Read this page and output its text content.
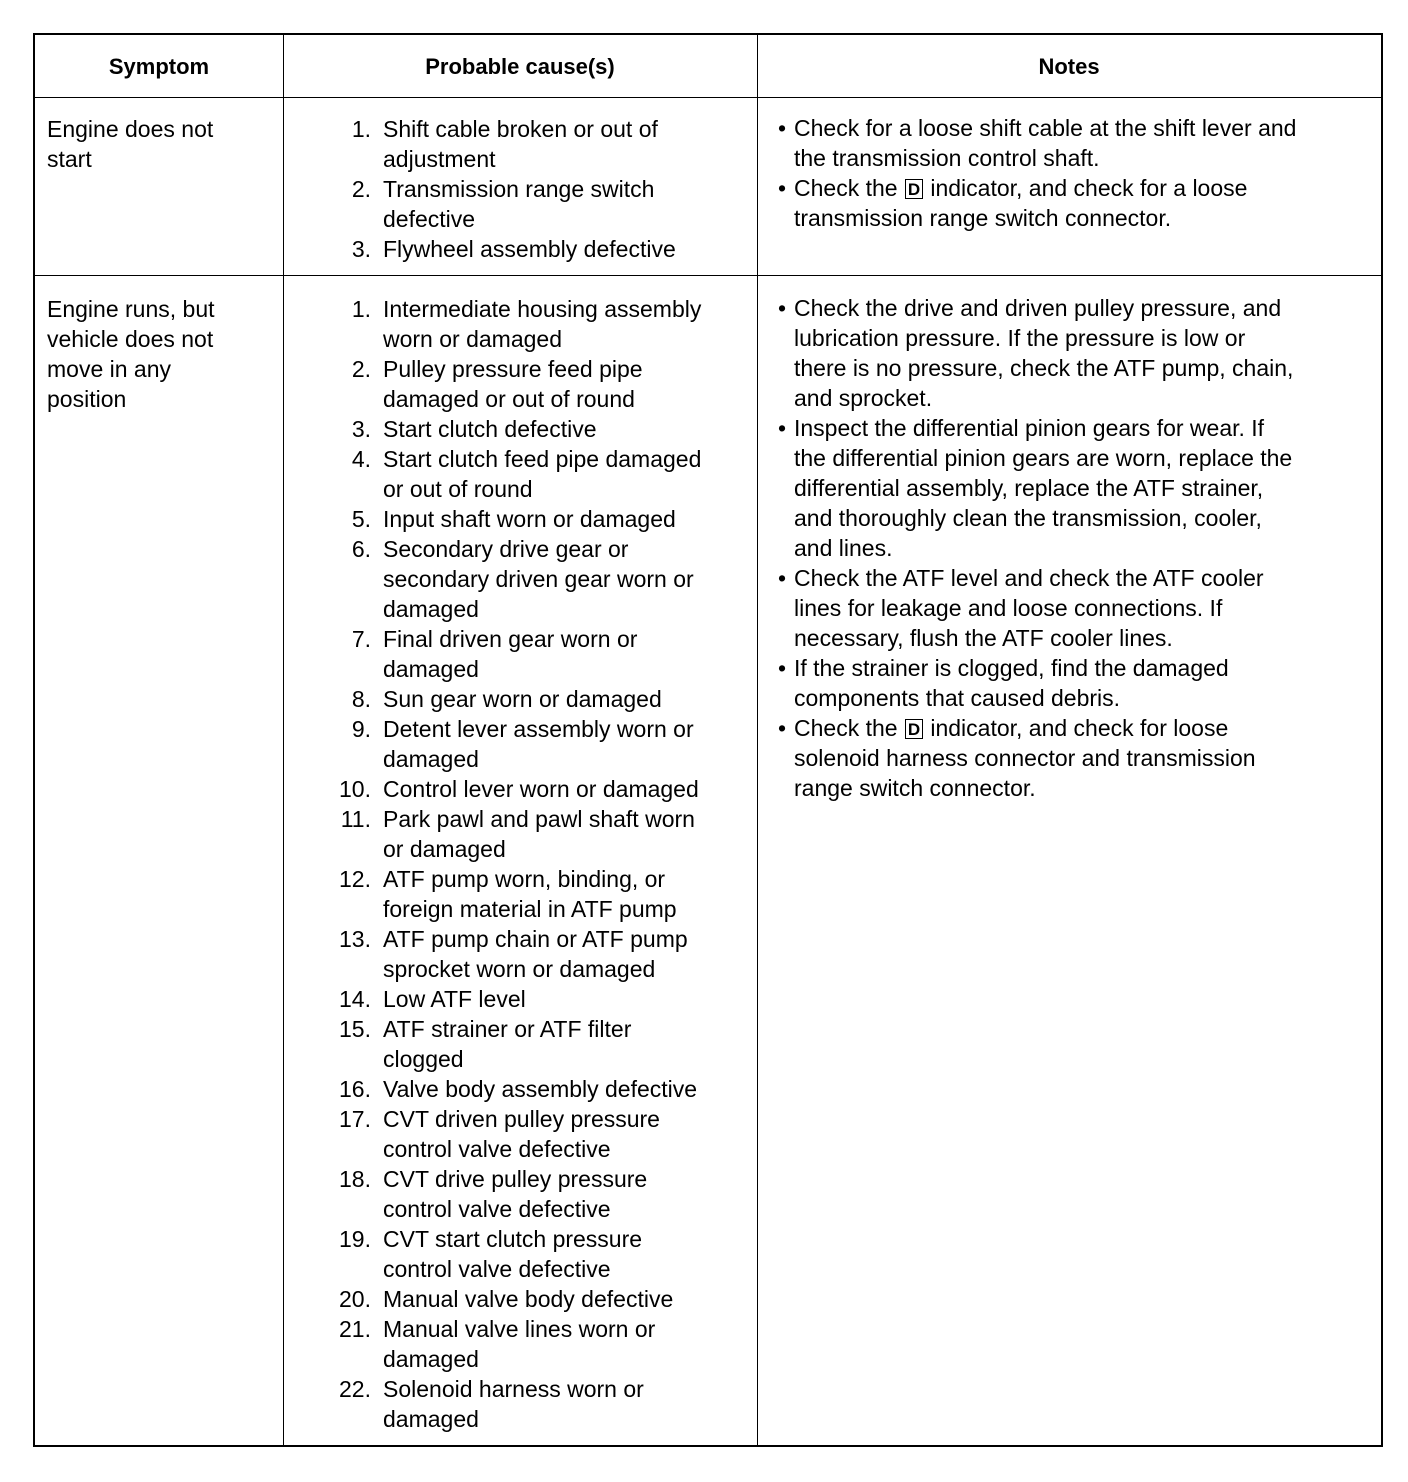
Symptom	Probable cause(s)	Notes
Engine does not
start
1. Shift cable broken or out of
adjustment
2. Transmission range switch
defective
3. Flywheel assembly defective
• Check for a loose shift cable at the shift lever and
the transmission control shaft.
• Check the D indicator, and check for a loose
transmission range switch connector.
Engine runs, but
vehicle does not
move in any
position
1. Intermediate housing assembly
worn or damaged
2. Pulley pressure feed pipe
damaged or out of round
3. Start clutch defective
4. Start clutch feed pipe damaged
or out of round
5. Input shaft worn or damaged
6. Secondary drive gear or
secondary driven gear worn or
damaged
7. Final driven gear worn or
damaged
8. Sun gear worn or damaged
9. Detent lever assembly worn or
damaged
10. Control lever worn or damaged
11. Park pawl and pawl shaft worn
or damaged
12. ATF pump worn, binding, or
foreign material in ATF pump
13. ATF pump chain or ATF pump
sprocket worn or damaged
14. Low ATF level
15. ATF strainer or ATF filter
clogged
16. Valve body assembly defective
17. CVT driven pulley pressure
control valve defective
18. CVT drive pulley pressure
control valve defective
19. CVT start clutch pressure
control valve defective
20. Manual valve body defective
21. Manual valve lines worn or
damaged
22. Solenoid harness worn or
damaged
• Check the drive and driven pulley pressure, and
lubrication pressure. If the pressure is low or
there is no pressure, check the ATF pump, chain,
and sprocket.
• Inspect the differential pinion gears for wear. If
the differential pinion gears are worn, replace the
differential assembly, replace the ATF strainer,
and thoroughly clean the transmission, cooler,
and lines.
• Check the ATF level and check the ATF cooler
lines for leakage and loose connections. If
necessary, flush the ATF cooler lines.
• If the strainer is clogged, find the damaged
components that caused debris.
• Check the D indicator, and check for loose
solenoid harness connector and transmission
range switch connector.
